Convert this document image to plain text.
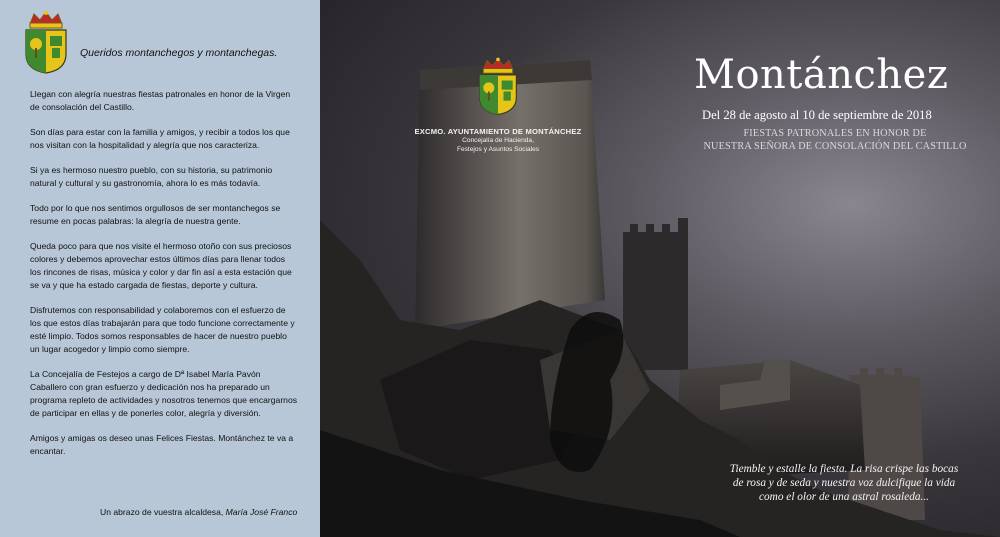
Queridos montanchegos y montanchegas.

Llegan con alegría nuestras fiestas patronales en honor de la Virgen de consolación del Castillo.

Son días para estar con la familia y amigos, y recibir a todos los que nos visitan con la hospitalidad y alegría que nos caracteriza.

Si ya es hermoso nuestro pueblo, con su historia, su patrimonio natural y cultural y su gastronomía, ahora lo es más todavía.

Todo por lo que nos sentimos orgullosos de ser montanchegos se resume en pocas palabras: la alegría de nuestra gente.

Queda poco para que nos visite el hermoso otoño con sus preciosos colores y debemos aprovechar estos últimos días para llenar todos los rincones de risas, música y color y dar fin así a esta estación que se va y que ha estado cargada de fiestas, deporte y cultura.

Disfrutemos con responsabilidad y colaboremos con el esfuerzo de los que estos días trabajarán para que todo funcione correctamente y esté limpio. Todos somos responsables de hacer de nuestro pueblo un lugar acogedor y limpio como siempre.

La Concejalía de Festejos a cargo de Dª Isabel María Pavón Caballero con gran esfuerzo y dedicación nos ha preparado un programa repleto de actividades y nosotros tenemos que encargarnos de participar en ellas y de ponerles color, alegría y diversión.

Amigos y amigas os deseo unas Felices Fiestas. Montánchez te va a encantar.

Un abrazo de vuestra alcaldesa, María José Franco
EXCMO. AYUNTAMIENTO DE MONTÁNCHEZ
Concejalía de Hacienda,
Festejos y Asuntos Sociales
Montánchez
Del 28 de agosto al 10 de septiembre de 2018
FIESTAS PATRONALES EN HONOR DE
NUESTRA SEÑORA DE CONSOLACIÓN DEL CASTILLO
Tiemble y estalle la fiesta. La risa crispe las bocas
de rosa y de seda y nuestra voz dulcifique la vida
como el olor de una astral rosaleda...
